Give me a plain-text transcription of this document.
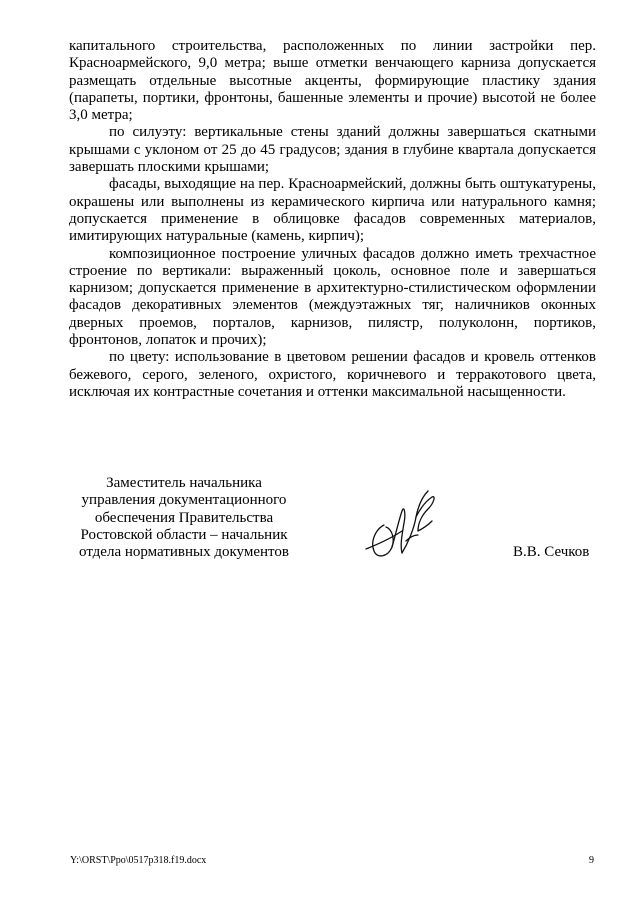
капитального строительства, расположенных по линии застройки пер. Красноармейского, 9,0 метра; выше отметки венчающего карниза допускается размещать отдельные высотные акценты, формирующие пластику здания (парапеты, портики, фронтоны, башенные элементы и прочие) высотой не более 3,0 метра;

по силуэту: вертикальные стены зданий должны завершаться скатными крышами с уклоном от 25 до 45 градусов; здания в глубине квартала допускается завершать плоскими крышами;

фасады, выходящие на пер. Красноармейский, должны быть оштукатурены, окрашены или выполнены из керамического кирпича или натурального камня; допускается применение в облицовке фасадов современных материалов, имитирующих натуральные (камень, кирпич);

композиционное построение уличных фасадов должно иметь трехчастное строение по вертикали: выраженный цоколь, основное поле и завершаться карнизом; допускается применение в архитектурно-стилистическом оформлении фасадов декоративных элементов (междуэтажных тяг, наличников оконных дверных проемов, порталов, карнизов, пилястр, полуколонн, портиков, фронтонов, лопаток и прочих);

по цвету: использование в цветовом решении фасадов и кровель оттенков бежевого, серого, зеленого, охристого, коричневого и терракотового цвета, исключая их контрастные сочетания и оттенки максимальной насыщенности.

Заместитель начальника
управления документационного
обеспечения Правительства
Ростовской области – начальник
отдела нормативных документов	В.В. Сечков
Y:\ORST\Ppo\0517p318.f19.docx	9
